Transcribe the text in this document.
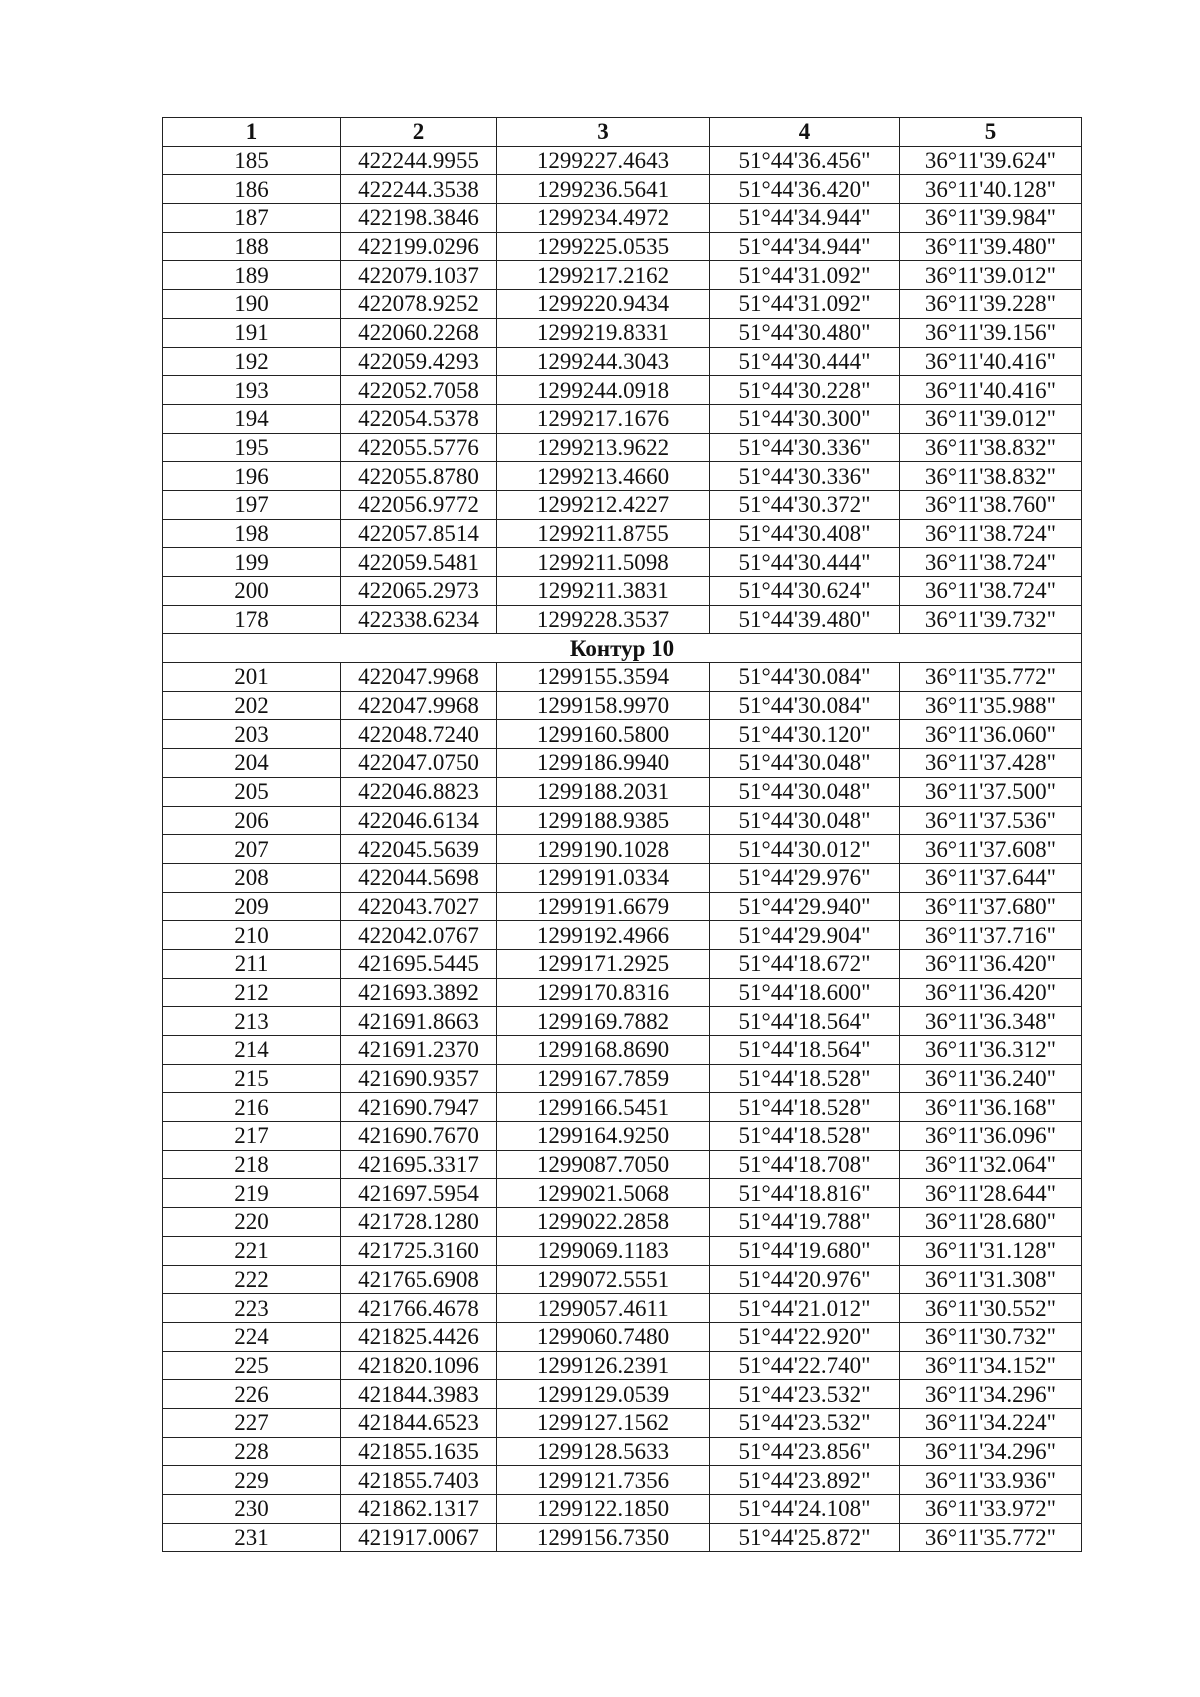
1	2	3	4	5
185	422244.9955	1299227.4643	51°44'36.456"	36°11'39.624"
186	422244.3538	1299236.5641	51°44'36.420"	36°11'40.128"
187	422198.3846	1299234.4972	51°44'34.944"	36°11'39.984"
188	422199.0296	1299225.0535	51°44'34.944"	36°11'39.480"
189	422079.1037	1299217.2162	51°44'31.092"	36°11'39.012"
190	422078.9252	1299220.9434	51°44'31.092"	36°11'39.228"
191	422060.2268	1299219.8331	51°44'30.480"	36°11'39.156"
192	422059.4293	1299244.3043	51°44'30.444"	36°11'40.416"
193	422052.7058	1299244.0918	51°44'30.228"	36°11'40.416"
194	422054.5378	1299217.1676	51°44'30.300"	36°11'39.012"
195	422055.5776	1299213.9622	51°44'30.336"	36°11'38.832"
196	422055.8780	1299213.4660	51°44'30.336"	36°11'38.832"
197	422056.9772	1299212.4227	51°44'30.372"	36°11'38.760"
198	422057.8514	1299211.8755	51°44'30.408"	36°11'38.724"
199	422059.5481	1299211.5098	51°44'30.444"	36°11'38.724"
200	422065.2973	1299211.3831	51°44'30.624"	36°11'38.724"
178	422338.6234	1299228.3537	51°44'39.480"	36°11'39.732"
Контур 10				
201	422047.9968	1299155.3594	51°44'30.084"	36°11'35.772"
202	422047.9968	1299158.9970	51°44'30.084"	36°11'35.988"
203	422048.7240	1299160.5800	51°44'30.120"	36°11'36.060"
204	422047.0750	1299186.9940	51°44'30.048"	36°11'37.428"
205	422046.8823	1299188.2031	51°44'30.048"	36°11'37.500"
206	422046.6134	1299188.9385	51°44'30.048"	36°11'37.536"
207	422045.5639	1299190.1028	51°44'30.012"	36°11'37.608"
208	422044.5698	1299191.0334	51°44'29.976"	36°11'37.644"
209	422043.7027	1299191.6679	51°44'29.940"	36°11'37.680"
210	422042.0767	1299192.4966	51°44'29.904"	36°11'37.716"
211	421695.5445	1299171.2925	51°44'18.672"	36°11'36.420"
212	421693.3892	1299170.8316	51°44'18.600"	36°11'36.420"
213	421691.8663	1299169.7882	51°44'18.564"	36°11'36.348"
214	421691.2370	1299168.8690	51°44'18.564"	36°11'36.312"
215	421690.9357	1299167.7859	51°44'18.528"	36°11'36.240"
216	421690.7947	1299166.5451	51°44'18.528"	36°11'36.168"
217	421690.7670	1299164.9250	51°44'18.528"	36°11'36.096"
218	421695.3317	1299087.7050	51°44'18.708"	36°11'32.064"
219	421697.5954	1299021.5068	51°44'18.816"	36°11'28.644"
220	421728.1280	1299022.2858	51°44'19.788"	36°11'28.680"
221	421725.3160	1299069.1183	51°44'19.680"	36°11'31.128"
222	421765.6908	1299072.5551	51°44'20.976"	36°11'31.308"
223	421766.4678	1299057.4611	51°44'21.012"	36°11'30.552"
224	421825.4426	1299060.7480	51°44'22.920"	36°11'30.732"
225	421820.1096	1299126.2391	51°44'22.740"	36°11'34.152"
226	421844.3983	1299129.0539	51°44'23.532"	36°11'34.296"
227	421844.6523	1299127.1562	51°44'23.532"	36°11'34.224"
228	421855.1635	1299128.5633	51°44'23.856"	36°11'34.296"
229	421855.7403	1299121.7356	51°44'23.892"	36°11'33.936"
230	421862.1317	1299122.1850	51°44'24.108"	36°11'33.972"
231	421917.0067	1299156.7350	51°44'25.872"	36°11'35.772"
